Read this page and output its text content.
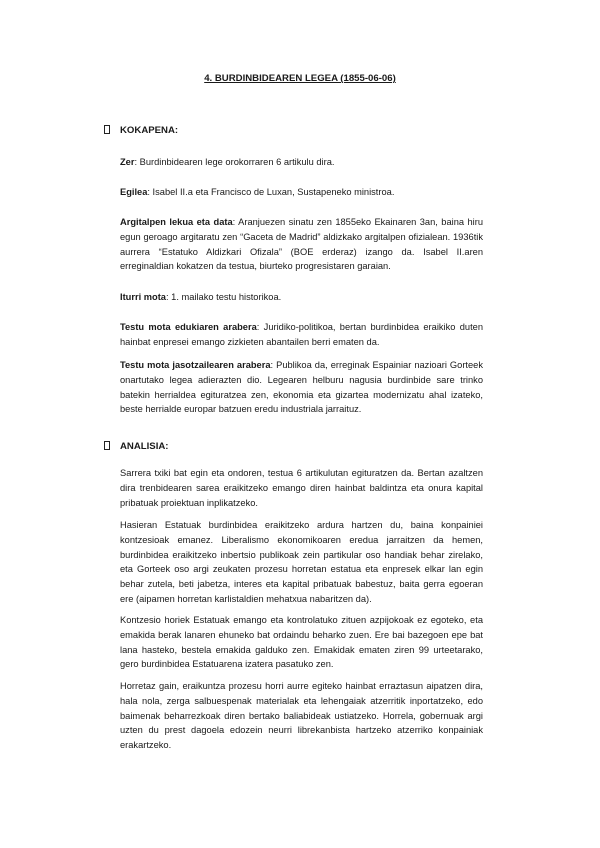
4. BURDINBIDEAREN LEGEA (1855-06-06)
KOKAPENA:
Zer: Burdinbidearen lege orokorraren 6 artikulu dira.
Egilea: Isabel II.a eta Francisco de Luxan, Sustapeneko ministroa.
Argitalpen lekua eta data: Aranjuezen sinatu zen 1855eko Ekainaren 3an, baina hiru egun geroago argitaratu zen “Gaceta de Madrid” aldizkako argitalpen ofizialean. 1936tik aurrera “Estatuko Aldizkari Ofizala” (BOE erderaz) izango da. Isabel II.aren erreginaldian kokatzen da testua, biurteko progresistaren garaian.
Iturri mota: 1. mailako testu historikoa.
Testu mota edukiaren arabera: Juridiko-politikoa, bertan burdinbidea eraikiko duten hainbat enpresei emango zizkieten abantailen berri ematen da.
Testu mota jasotzailearen arabera: Publikoa da, erreginak Espainiar nazioari Gorteek onartutako legea adierazten dio. Legearen helburu nagusia burdinbide sare trinko batekin herrialdea egituratzea zen, ekonomia eta gizartea modernizatu ahal izateko, beste herrialde europar batzuen eredu industriala jarraituz.
ANALISIA:
Sarrera txiki bat egin eta ondoren, testua 6 artikulutan egituratzen da. Bertan azaltzen dira trenbidearen sarea eraikitzeko emango diren hainbat baldintza eta onura kapital pribatuak proiektuan inplikatzeko.
Hasieran Estatuak burdinbidea eraikitzeko ardura hartzen du, baina konpainiei kontzesioak emanez. Liberalismo ekonomikoaren eredua jarraitzen da hemen, burdinbidea eraikitzeko inbertsio publikoak zein partikular oso handiak behar zirelako, eta Gorteek oso argi zeukaten prozesu horretan estatua eta enpresek elkar lan egin behar zutela, beti jabetza, interes eta kapital pribatuak babestuz, baita gerra egoeran ere (aipamen horretan karlistaldien mehatxua nabaritzen da).
Kontzesio horiek Estatuak emango eta kontrolatuko zituen azpijokoak ez egoteko, eta emakida berak lanaren ehuneko bat ordaindu beharko zuen. Ere bai bazegoen epe bat lana hasteko, bestela emakida galduko zen. Emakidak ematen ziren 99 urteetarako, gero burdinbidea Estatuarena izatera pasatuko zen.
Horretaz gain, eraikuntza prozesu horri aurre egiteko hainbat erraztasun aipatzen dira, hala nola, zerga salbuespenak materialak eta lehengaiak atzerritik inportatzeko, edo baimenak beharrezkoak diren bertako baliabideak ustiatzeko. Horrela, gobernuak argi uzten du prest dagoela edozein neurri librekanbista hartzeko atzerriko konpainiak erakartzeko.
